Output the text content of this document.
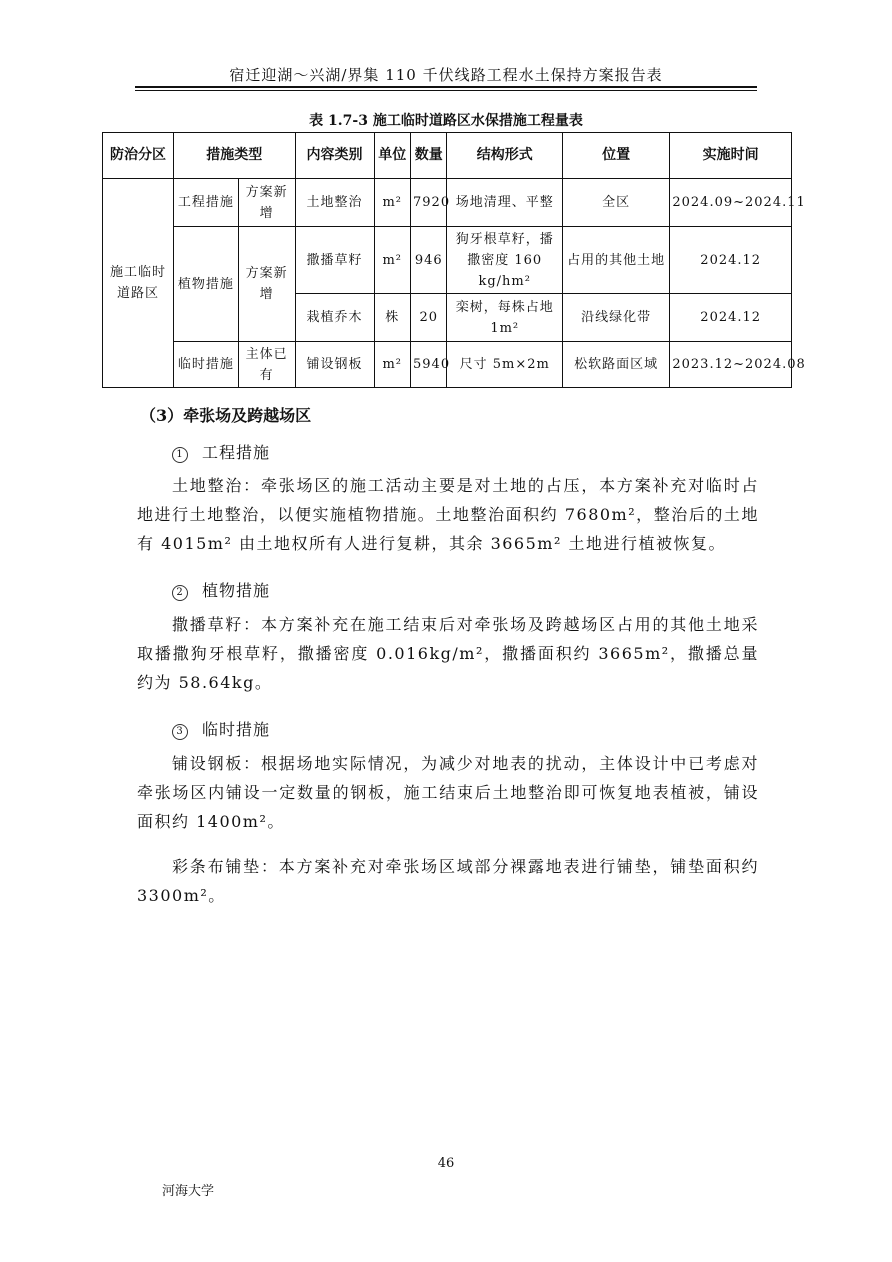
宿迁迎湖～兴湖/界集 110 千伏线路工程水土保持方案报告表
表 1.7-3 施工临时道路区水保措施工程量表
防治分区	措施类型		内容类别	单位	数量	结构形式	位置	实施时间
施工临时道路区	工程措施	方案新增	土地整治	m²	7920	场地清理、平整	全区	2024.09~2024.11
	植物措施	方案新增	撒播草籽	m²	946	狗牙根草籽，播撒密度 160 kg/hm²	占用的其他土地	2024.12
			栽植乔木	株	20	栾树，每株占地1m²	沿线绿化带	2024.12
	临时措施	主体已有	铺设钢板	m²	5940	尺寸 5m×2m	松软路面区域	2023.12~2024.08
（3）牵张场及跨越场区
1 工程措施

土地整治：牵张场区的施工活动主要是对土地的占压，本方案补充对临时占地进行土地整治，以便实施植物措施。土地整治面积约 7680m²，整治后的土地有 4015m² 由土地权所有人进行复耕，其余 3665m² 土地进行植被恢复。

2 植物措施

撒播草籽：本方案补充在施工结束后对牵张场及跨越场区占用的其他土地采取播撒狗牙根草籽，撒播密度 0.016kg/m²，撒播面积约 3665m²，撒播总量约为 58.64kg。

3 临时措施

铺设钢板：根据场地实际情况，为减少对地表的扰动，主体设计中已考虑对牵张场区内铺设一定数量的钢板，施工结束后土地整治即可恢复地表植被，铺设面积约 1400m²。

彩条布铺垫：本方案补充对牵张场区域部分裸露地表进行铺垫，铺垫面积约 3300m²。

46
河海大学
